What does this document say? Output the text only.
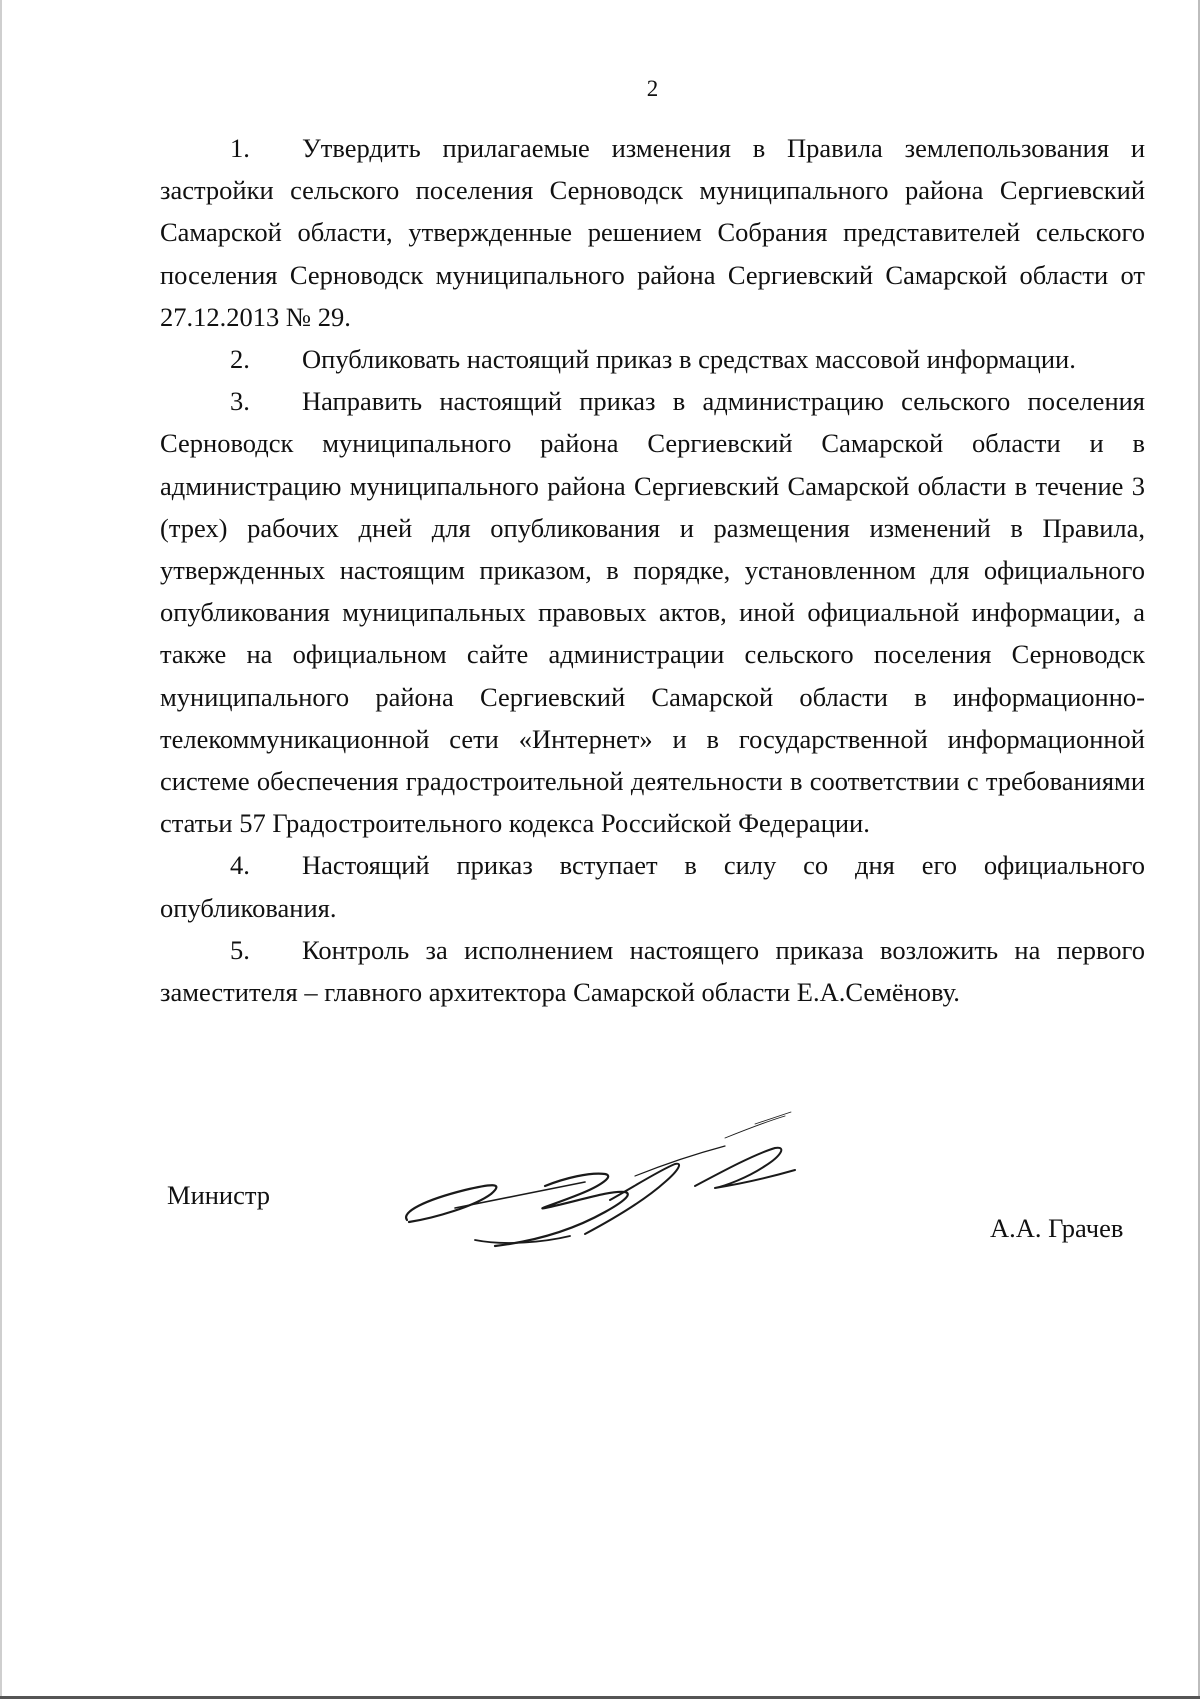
2

1. Утвердить прилагаемые изменения в Правила землепользования и застройки сельского поселения Серноводск муниципального района Сергиевский Самарской области, утвержденные решением Собрания представителей сельского поселения Серноводск муниципального района Сергиевский Самарской области от 27.12.2013 № 29.

2. Опубликовать настоящий приказ в средствах массовой информации.

3. Направить настоящий приказ в администрацию сельского поселения Серноводск муниципального района Сергиевский Самарской области и в администрацию муниципального района Сергиевский Самарской области в течение 3 (трех) рабочих дней для опубликования и размещения изменений в Правила, утвержденных настоящим приказом, в порядке, установленном для официального опубликования муниципальных правовых актов, иной официальной информации, а также на официальном сайте администрации сельского поселения Серноводск муниципального района Сергиевский Самарской области в информационно-телекоммуникационной сети «Интернет» и в государственной информационной системе обеспечения градостроительной деятельности в соответствии с требованиями статьи 57 Градостроительного кодекса Российской Федерации.

4. Настоящий приказ вступает в силу со дня его официального опубликования.

5. Контроль за исполнением настоящего приказа возложить на первого заместителя – главного архитектора Самарской области Е.А.Семёнову.

Министр
А.А. Грачев
